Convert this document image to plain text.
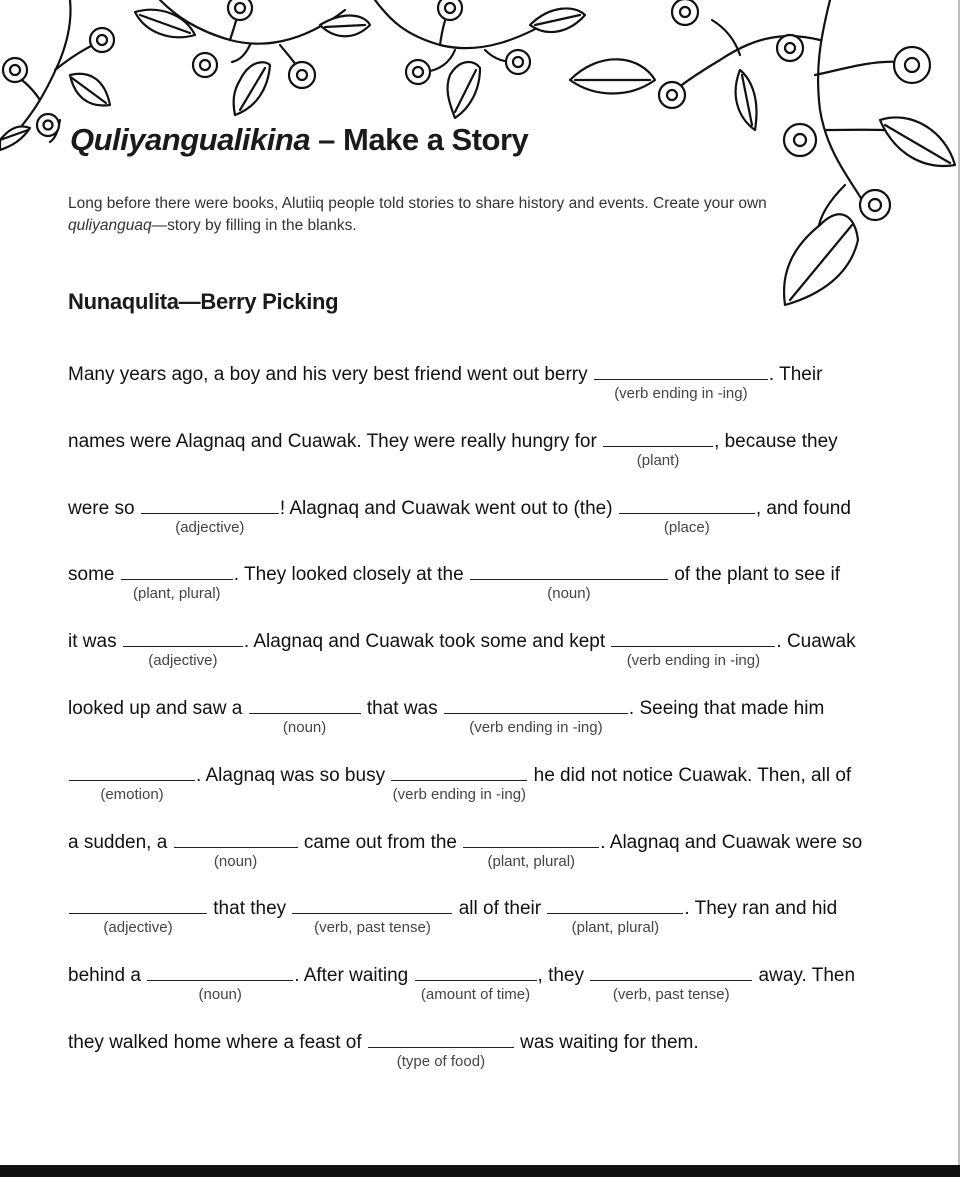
Quliyangualikina – Make a Story

Long before there were books, Alutiiq people told stories to share history and events. Create your own quliyanguaq—story by filling in the blanks.

Nunaqulita—Berry Picking
Many years ago, a boy and his very best friend went out berry
(verb ending in -ing)
. Their
names were Alagnaq and Cuawak. They were really hungry for
(plant)
, because they
were so
(adjective)
! Alagnaq and Cuawak went out to (the)
(place)
, and found
some
(plant, plural)
. They looked closely at the
(noun)
of the plant to see if
it was
(adjective)
. Alagnaq and Cuawak took some and kept
(verb ending in -ing)
. Cuawak
looked up and saw a
(noun)
that was
(verb ending in -ing)
. Seeing that made him
(emotion)
. Alagnaq was so busy
(verb ending in -ing)
he did not notice Cuawak. Then, all of
a sudden, a
(noun)
came out from the
(plant, plural)
. Alagnaq and Cuawak were so
(adjective)
that they
(verb, past tense)
all of their
(plant, plural)
. They ran and hid
behind a
(noun)
. After waiting
(amount of time)
, they
(verb, past tense)
away. Then
they walked home where a feast of
(type of food)
was waiting for them.
